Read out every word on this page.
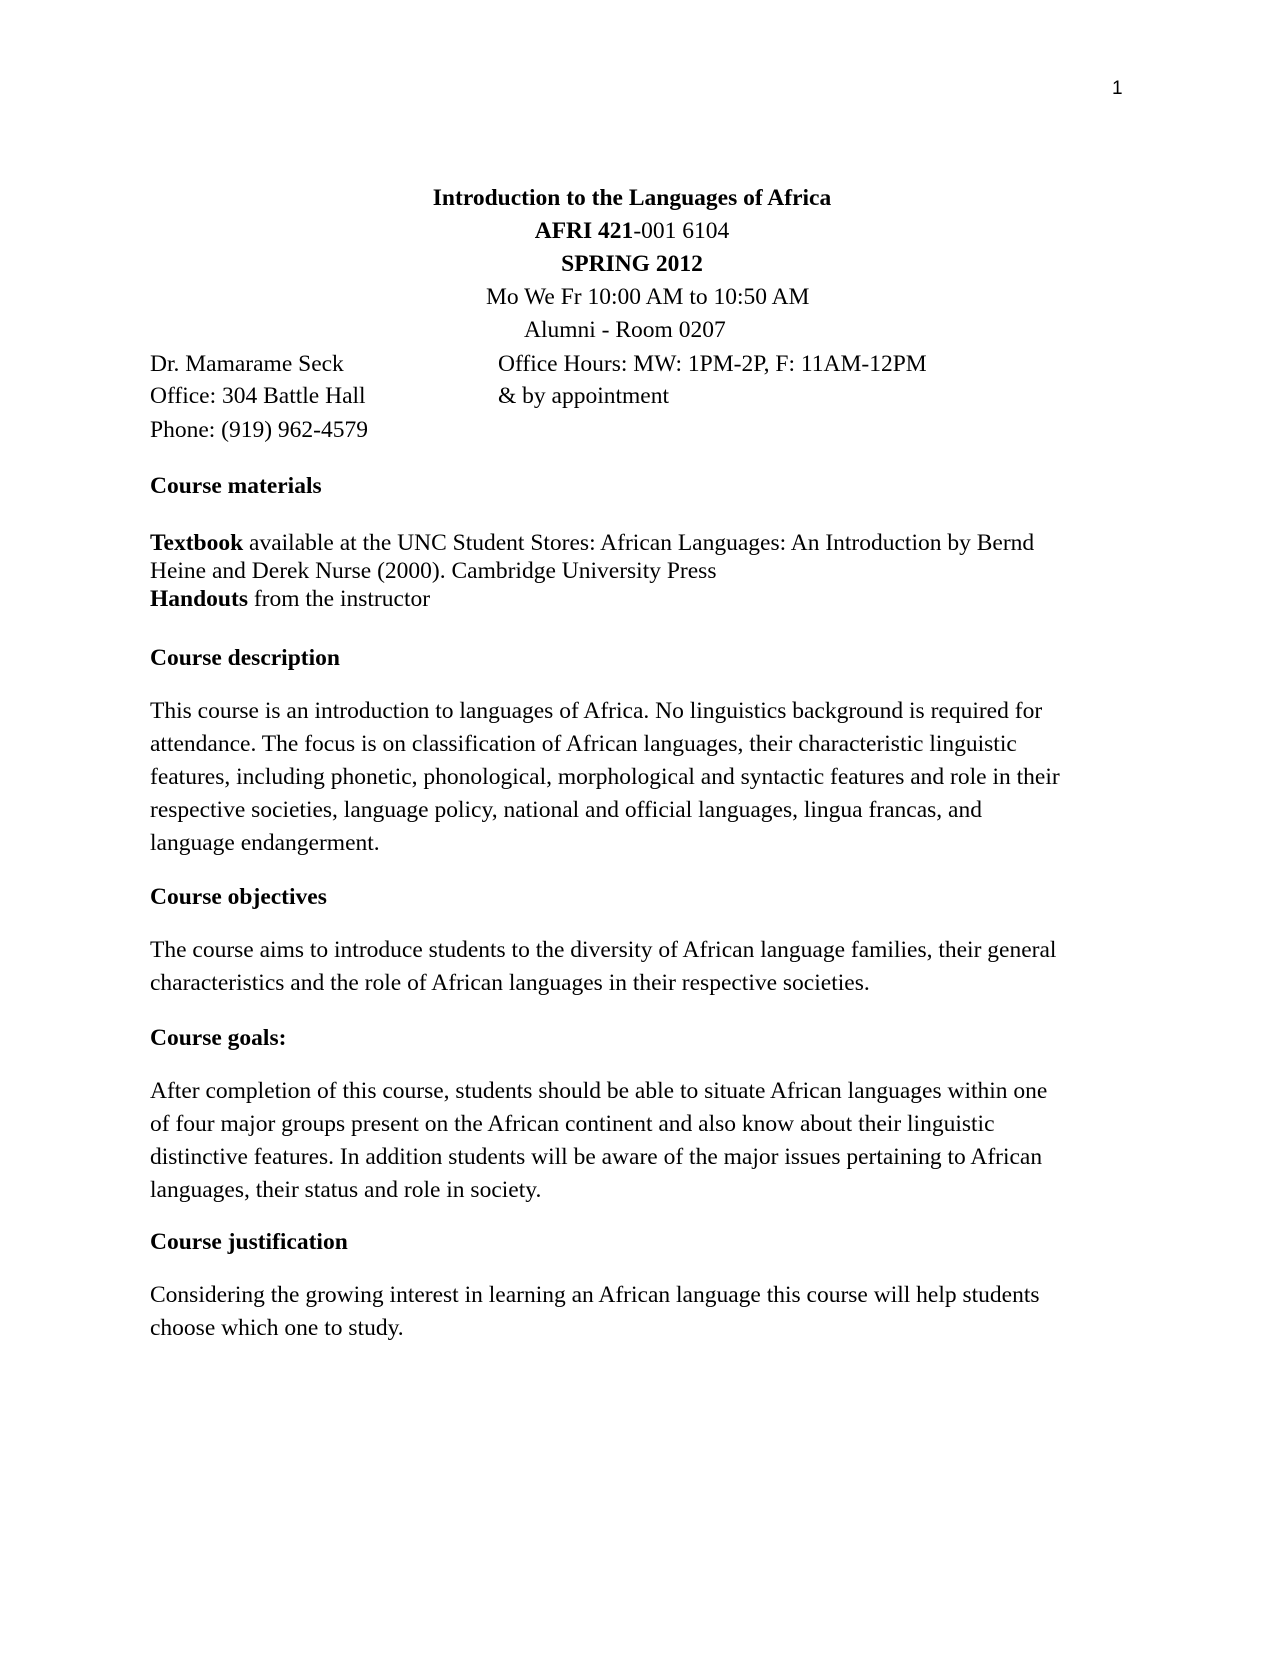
1
Introduction to the Languages of Africa
AFRI 421-001 6104
SPRING 2012
Mo We Fr 10:00 AM to 10:50 AM
Alumni - Room 0207
Dr. Mamarame Seck	Office Hours: MW: 1PM-2P, F: 11AM-12PM
Office: 304 Battle Hall	& by appointment
Phone: (919) 962-4579
Course materials
Textbook available at the UNC Student Stores: African Languages: An Introduction by Bernd
Heine and Derek Nurse (2000). Cambridge University Press
Handouts from the instructor
Course description
This course is an introduction to languages of Africa. No linguistics background is required for
attendance. The focus is on classification of African languages, their characteristic linguistic
features, including phonetic, phonological, morphological and syntactic features and role in their
respective societies, language policy, national and official languages, lingua francas, and
language endangerment.
Course objectives
The course aims to introduce students to the diversity of African language families, their general
characteristics and the role of African languages in their respective societies.
Course goals:
After completion of this course, students should be able to situate African languages within one
of four major groups present on the African continent and also know about their linguistic
distinctive features. In addition students will be aware of the major issues pertaining to African
languages, their status and role in society.
Course justification
Considering the growing interest in learning an African language this course will help students
choose which one to study.
